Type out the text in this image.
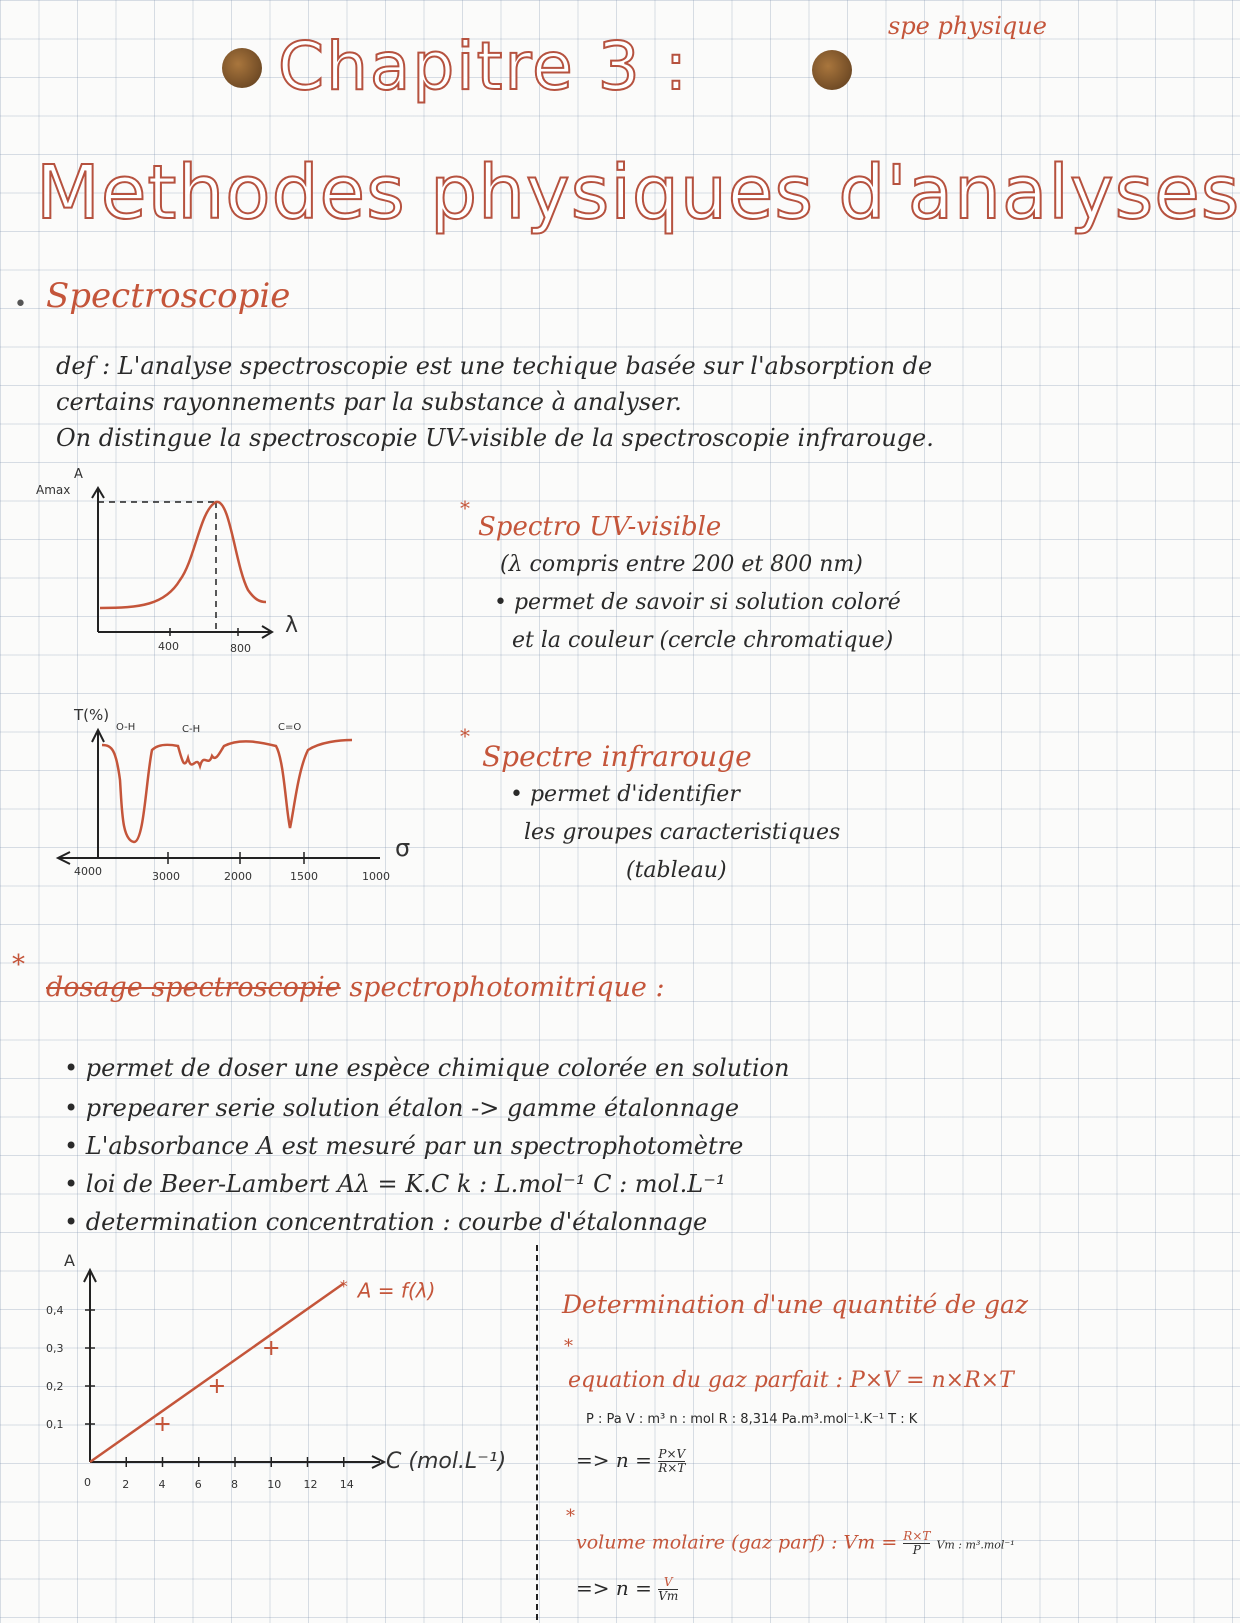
spe physique
Chapitre 3 :
Methodes physiques d'analyses
• Spectroscopie
def : L'analyse spectroscopie est une techique basée sur l'absorption de
certains rayonnements par la substance à analyser.
On distingue la spectroscopie UV-visible de la spectroscopie infrarouge.
A
Amax
λ
400	800
T(%)
O-H	C-H	C=O
σ
4000	3000	2000	1500	1000
*
Spectro UV-visible
(λ compris entre 200 et 800 nm)
• permet de savoir si solution coloré
et la couleur (cercle chromatique)
*
Spectre infrarouge
• permet d'identifier
les groupes caracteristiques
(tableau)
*
dosage spectroscopie spectrophotomitrique :
• permet de doser une espèce chimique colorée en solution
• prepearer serie solution étalon -> gamme étalonnage
• L'absorbance A est mesuré par un spectrophotomètre
• loi de Beer-Lambert Aλ = K.C k : L.mol⁻¹ C : mol.L⁻¹
• determination concentration : courbe d'étalonnage
A
0
C (mol.L⁻¹)
2	4	6	8	10 12 14
0,1
0,2
0,3
0,4
* A = f(λ)	Determination d'une quantité de gaz
*
equation du gaz parfait : P×V = n×R×T
P : Pa V : m³ n : mol R : 8,314 Pa.m³.mol⁻¹.K⁻¹ T : K
=> $n = \frac{P\times V}{R\times T}$
*
volume molaire (gaz parf) : $Vm = \frac{R\times T}{P}$ Vm : m³.mol⁻¹
=> $n = \frac{V}{Vm}$
